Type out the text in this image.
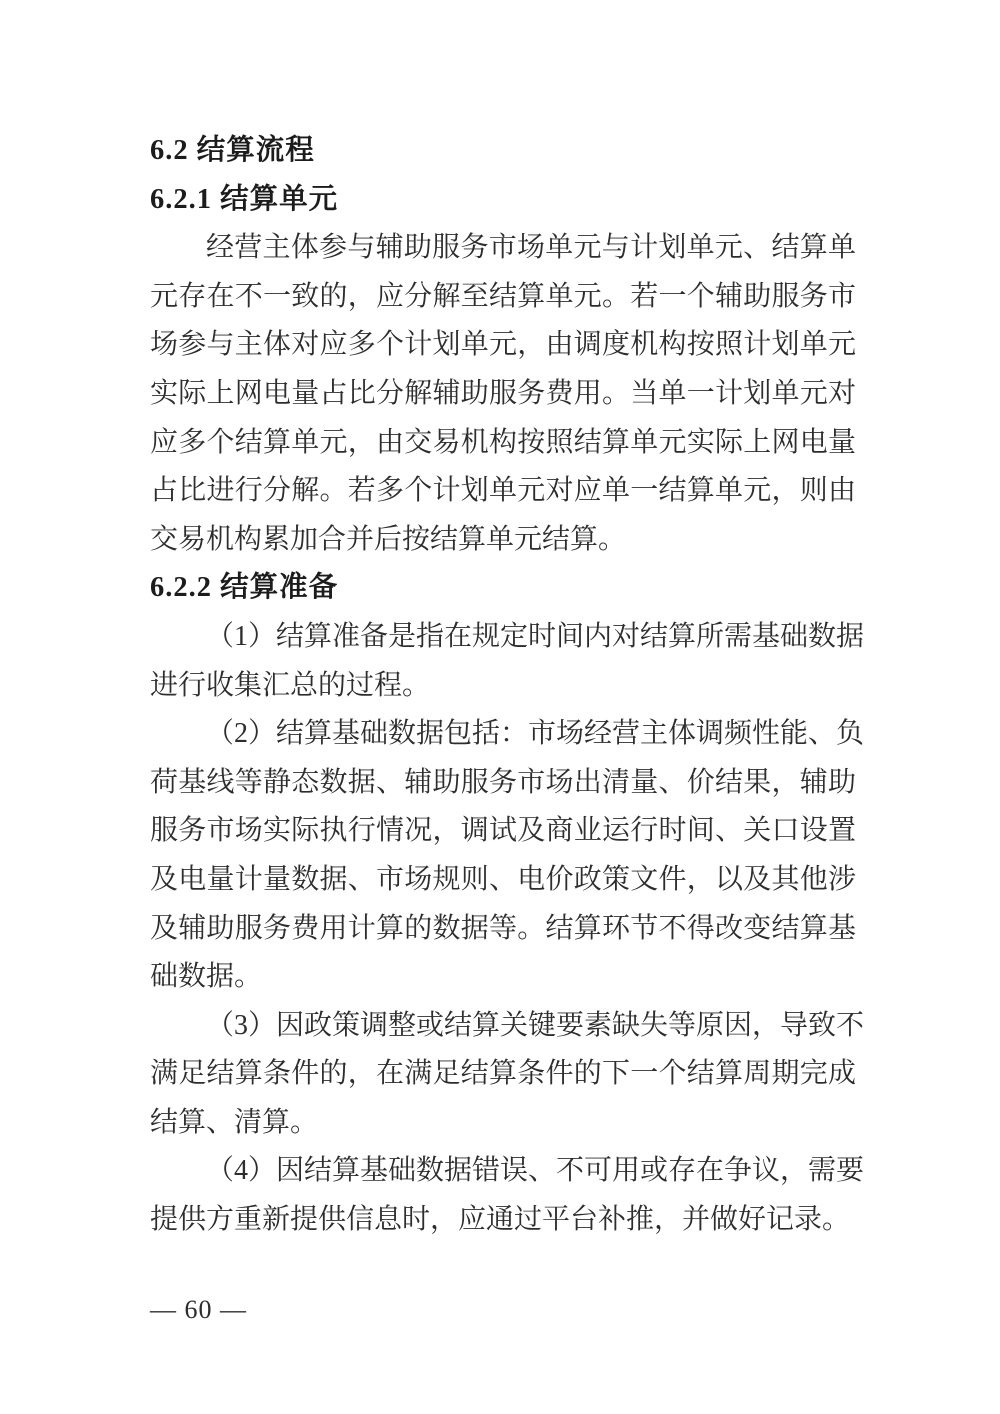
6.2 结算流程
6.2.1 结算单元
经营主体参与辅助服务市场单元与计划单元、结算单
元存在不一致的，应分解至结算单元。若一个辅助服务市
场参与主体对应多个计划单元，由调度机构按照计划单元
实际上网电量占比分解辅助服务费用。当单一计划单元对
应多个结算单元，由交易机构按照结算单元实际上网电量
占比进行分解。若多个计划单元对应单一结算单元，则由
交易机构累加合并后按结算单元结算。
6.2.2 结算准备
（1）结算准备是指在规定时间内对结算所需基础数据
进行收集汇总的过程。
（2）结算基础数据包括：市场经营主体调频性能、负
荷基线等静态数据、辅助服务市场出清量、价结果，辅助
服务市场实际执行情况，调试及商业运行时间、关口设置
及电量计量数据、市场规则、电价政策文件，以及其他涉
及辅助服务费用计算的数据等。结算环节不得改变结算基
础数据。
（3）因政策调整或结算关键要素缺失等原因，导致不
满足结算条件的，在满足结算条件的下一个结算周期完成
结算、清算。
（4）因结算基础数据错误、不可用或存在争议，需要
提供方重新提供信息时，应通过平台补推，并做好记录。
— 60 —
